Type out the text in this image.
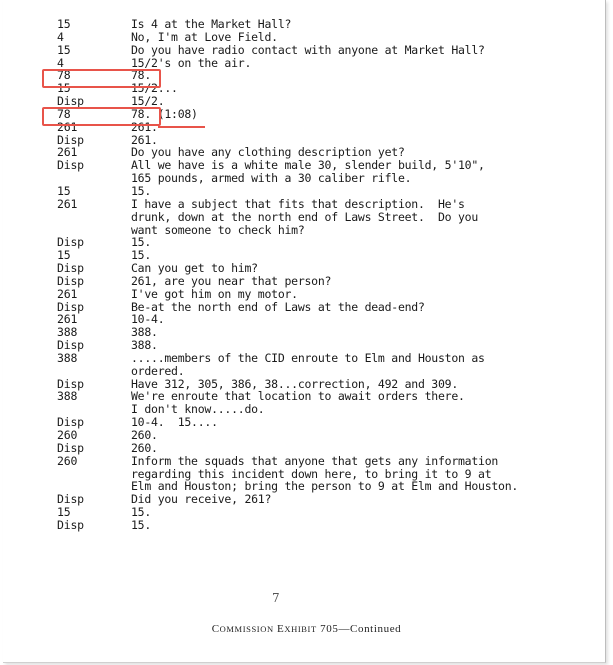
15	Is 4 at the Market Hall?
4	No, I'm at Love Field.
15	Do you have radio contact with anyone at Market Hall?
4	15/2's on the air.
78	78.
15	15/2...
Disp	15/2.
78	78. (1:08)
261	261.
Disp	261.
261	Do you have any clothing description yet?
Disp	All we have is a white male 30, slender build, 5'10",
165 pounds, armed with a 30 caliber rifle.
15	15.
261	I have a subject that fits that description.  He's
drunk, down at the north end of Laws Street.  Do you
want someone to check him?
Disp	15.
15	15.
Disp	Can you get to him?
Disp	261, are you near that person?
261	I've got him on my motor.
Disp	Be-at the north end of Laws at the dead-end?
261	10-4.
388	388.
Disp	388.
388	.....members of the CID enroute to Elm and Houston as
ordered.
Disp	Have 312, 305, 386, 38...correction, 492 and 309.
388	We're enroute that location to await orders there.
I don't know.....do.
Disp	10-4.  15....
260	260.
Disp	260.
260	Inform the squads that anyone that gets any information
regarding this incident down here, to bring it to 9 at
Elm and Houston; bring the person to 9 at Elm and Houston.
Disp	Did you receive, 261?
15	15.
Disp	15.
7
COMMISSION EXHIBIT 705—Continued
